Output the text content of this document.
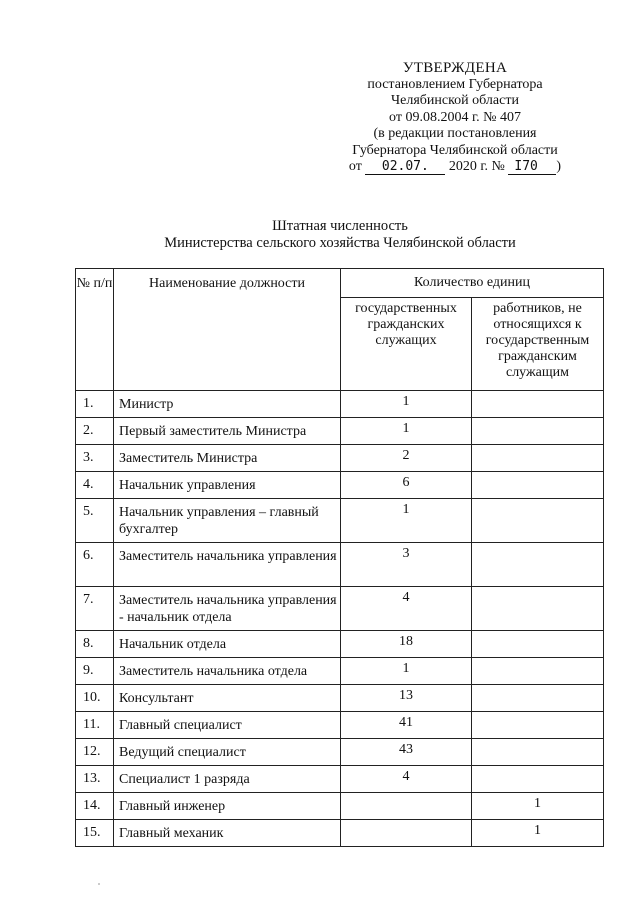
УТВЕРЖДЕНА
постановлением Губернатора
Челябинской области
от 09.08.2004 г. № 407
(в редакции постановления
Губернатора Челябинской области
от 02.07. 2020 г. № I70 )
Штатная численность
Министерства сельского хозяйства Челябинской области
№ п/п	Наименование должности	Количество единиц	
		государственных гражданских служащих	работников, не относящихся к государственным гражданским служащим
1.	Министр	1	
2.	Первый заместитель Министра	1	
3.	Заместитель Министра	2	
4.	Начальник управления	6	
5.	Начальник управления – главный бухгалтер	1	
6.	Заместитель начальника управления	3	
7.	Заместитель начальника управления - начальник отдела	4	
8.	Начальник отдела	18	
9.	Заместитель начальника отдела	1	
10.	Консультант	13	
11.	Главный специалист	41	
12.	Ведущий специалист	43	
13.	Специалист 1 разряда	4	
14.	Главный инженер		1
15.	Главный механик		1
